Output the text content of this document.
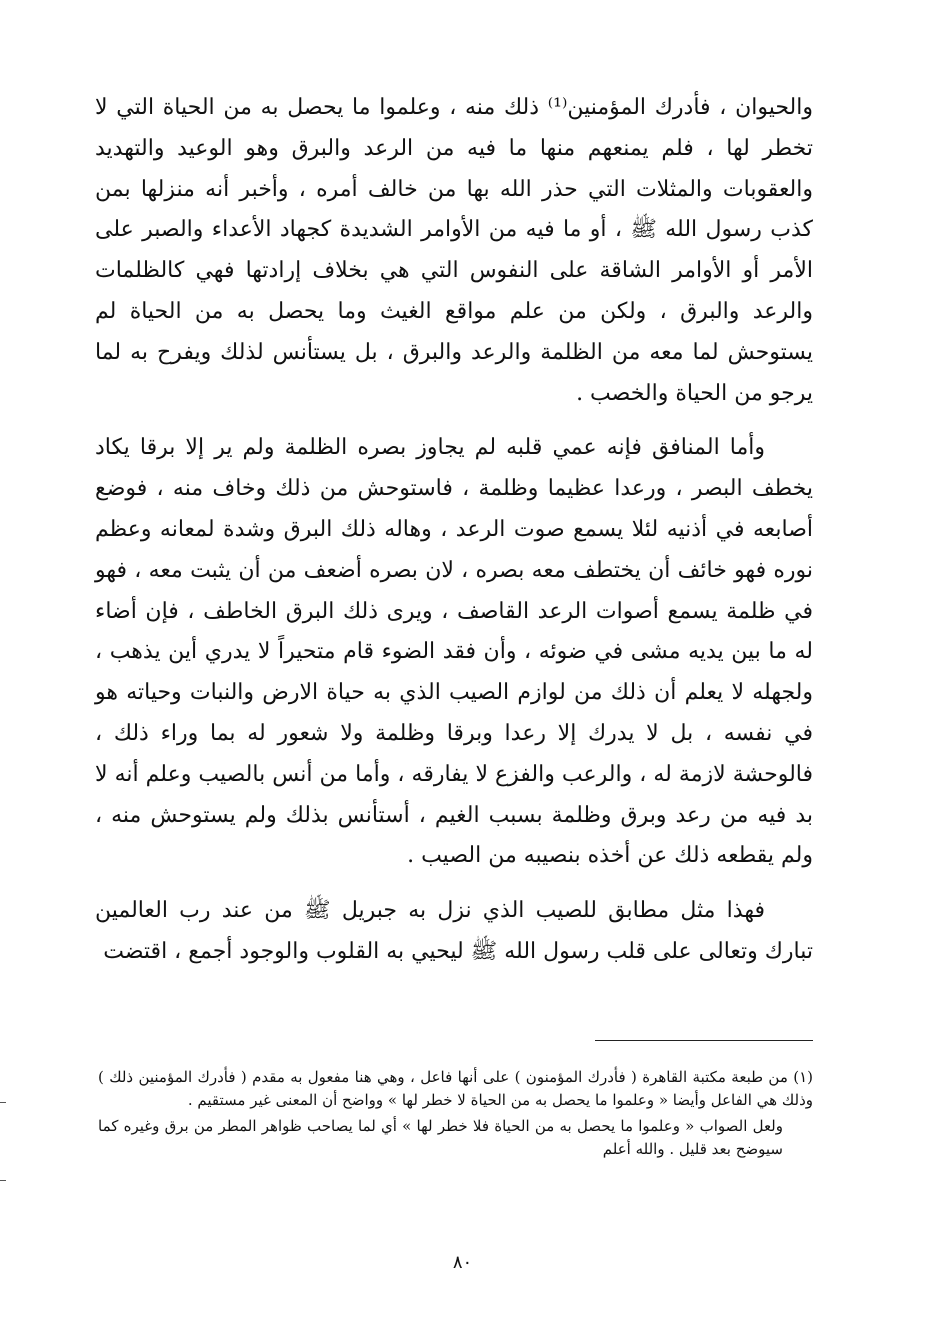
والحيوان ، فأدرك المؤمنين⁽¹⁾ ذلك منه ، وعلموا ما يحصل به من الحياة التي لا تخطر لها ، فلم يمنعهم منها ما فيه من الرعد والبرق وهو الوعيد والتهديد والعقوبات والمثلات التي حذر الله بها من خالف أمره ، وأخبر أنه منزلها بمن كذب رسول الله ﷺ ، أو ما فيه من الأوامر الشديدة كجهاد الأعداء والصبر على الأمر أو الأوامر الشاقة على النفوس التي هي بخلاف إرادتها فهي كالظلمات والرعد والبرق ، ولكن من علم مواقع الغيث وما يحصل به من الحياة لم يستوحش لما معه من الظلمة والرعد والبرق ، بل يستأنس لذلك ويفرح به لما يرجو من الحياة والخصب .

وأما المنافق فإنه عمي قلبه لم يجاوز بصره الظلمة ولم ير إلا برقا يكاد يخطف البصر ، ورعدا عظيما وظلمة ، فاستوحش من ذلك وخاف منه ، فوضع أصابعه في أذنيه لئلا يسمع صوت الرعد ، وهاله ذلك البرق وشدة لمعانه وعظم نوره فهو خائف أن يختطف معه بصره ، لان بصره أضعف من أن يثبت معه ، فهو في ظلمة يسمع أصوات الرعد القاصف ، ويرى ذلك البرق الخاطف ، فإن أضاء له ما بين يديه مشى في ضوئه ، وأن فقد الضوء قام متحيراً لا يدري أين يذهب ، ولجهله لا يعلم أن ذلك من لوازم الصيب الذي به حياة الارض والنبات وحياته هو في نفسه ، بل لا يدرك إلا رعدا وبرقا وظلمة ولا شعور له بما وراء ذلك ، فالوحشة لازمة له ، والرعب والفزع لا يفارقه ، وأما من أنس بالصيب وعلم أنه لا بد فيه من رعد وبرق وظلمة بسبب الغيم ، أستأنس بذلك ولم يستوحش منه ، ولم يقطعه ذلك عن أخذه بنصيبه من الصيب .

فهذا مثل مطابق للصيب الذي نزل به جبريل ﷺ من عند رب العالمين تبارك وتعالى على قلب رسول الله ﷺ ليحيي به القلوب والوجود أجمع ، اقتضت

(١) من طبعة مكتبة القاهرة ( فأدرك المؤمنون ) على أنها فاعل ، وهي هنا مفعول به مقدم ( فأدرك المؤمنين ذلك ) وذلك هي الفاعل وأيضا « وعلموا ما يحصل به من الحياة لا خطر لها » وواضح أن المعنى غير مستقيم .

ولعل الصواب « وعلموا ما يحصل به من الحياة فلا خطر لها » أي لما يصاحب ظواهر المطر من برق وغيره كما سيوضح بعد قليل . والله أعلم

٨٠
